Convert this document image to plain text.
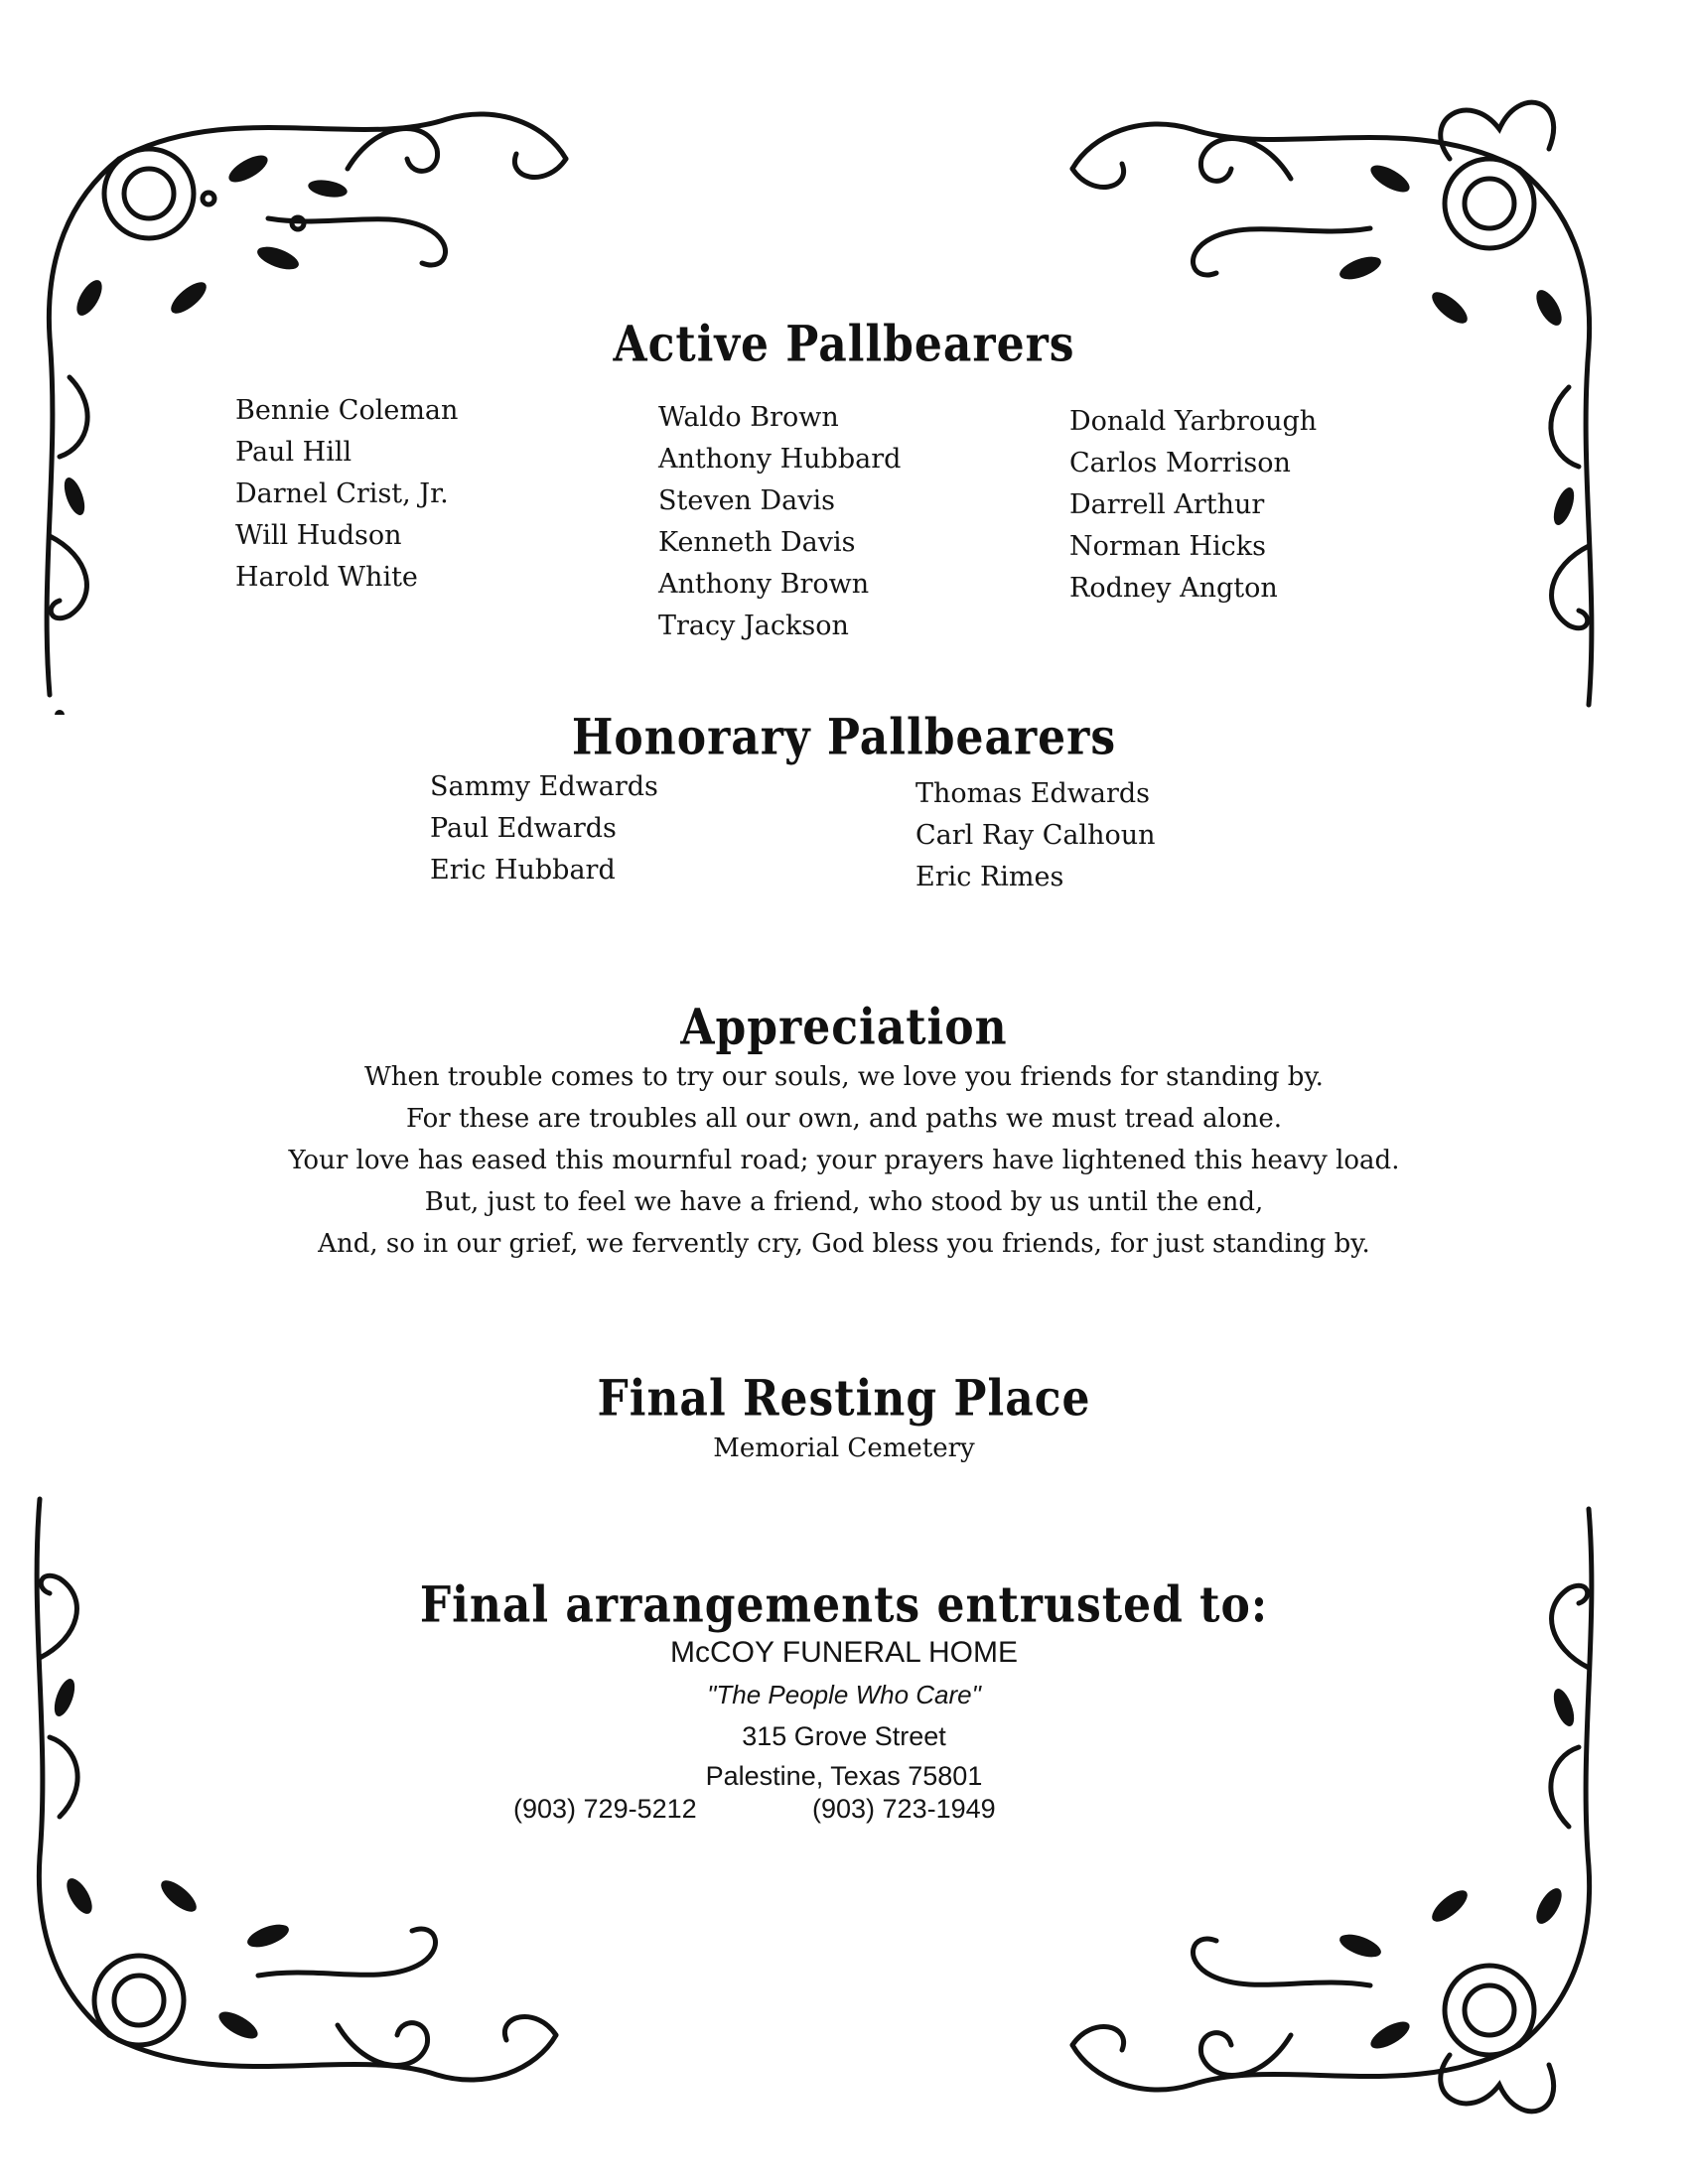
Active Pallbearers
Bennie Coleman
Paul Hill
Darnel Crist, Jr.
Will Hudson
Harold White
Waldo Brown
Anthony Hubbard
Steven Davis
Kenneth Davis
Anthony Brown
Tracy Jackson
Donald Yarbrough
Carlos Morrison
Darrell Arthur
Norman Hicks
Rodney Angton
Honorary Pallbearers
Sammy Edwards
Paul Edwards
Eric Hubbard
Thomas Edwards
Carl Ray Calhoun
Eric Rimes
Appreciation
When trouble comes to try our souls, we love you friends for standing by.
For these are troubles all our own, and paths we must tread alone.
Your love has eased this mournful road; your prayers have lightened this heavy load.
But, just to feel we have a friend, who stood by us until the end,
And, so in our grief, we fervently cry, God bless you friends, for just standing by.
Final Resting Place
Memorial Cemetery
Final arrangements entrusted to:
McCOY FUNERAL HOME
"The People Who Care"
315 Grove Street
Palestine, Texas 75801
(903) 729-5212	(903) 723-1949
